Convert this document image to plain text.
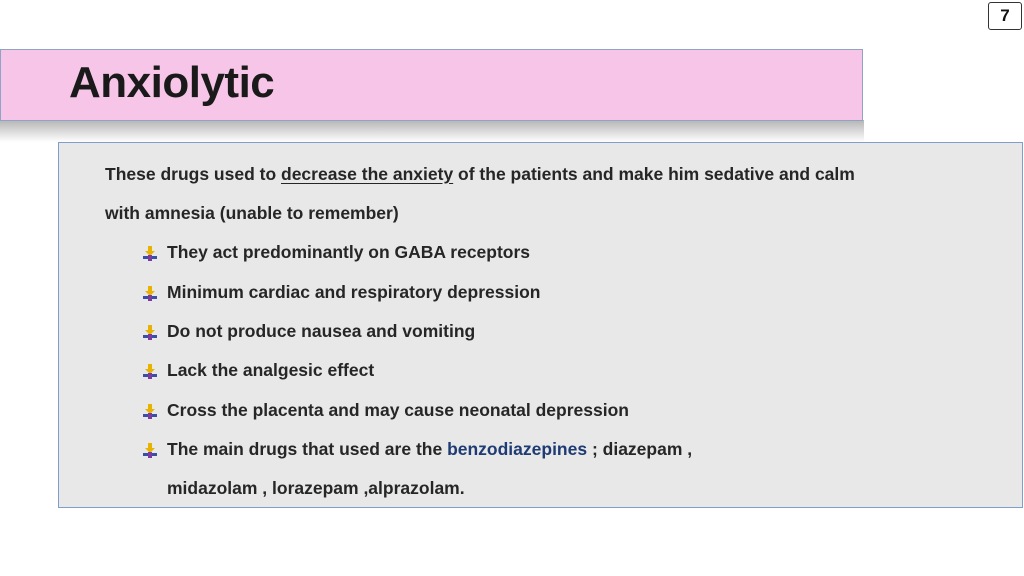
7
Anxiolytic
These drugs used to decrease the anxiety of the patients and make him sedative and calm
with amnesia (unable to remember)
They act predominantly on GABA receptors
Minimum cardiac and respiratory depression
Do not produce nausea and vomiting
Lack the analgesic effect
Cross the placenta and may cause neonatal depression
The main drugs that used are the benzodiazepines ; diazepam ,
midazolam , lorazepam ,alprazolam.
